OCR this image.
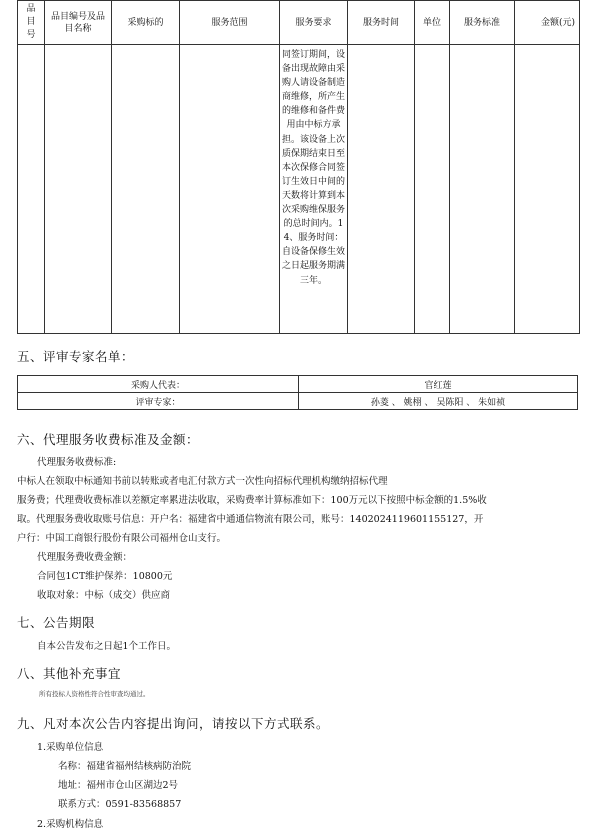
品目号	品目编号及品目名称	采购标的	服务范围	服务要求	服务时间	单位	服务标准	金额(元)

				同签订期间，设备出现故障由采购人请设备制造商维修，所产生的维修和备件费用由中标方承担。该设备上次质保期结束日至本次保修合同签订生效日中间的天数将计算到本次采购维保服务的总时间内。14、服务时间：自设备保修生效之日起服务期满三年。				

五、评审专家名单：
采购人代表：	官红莲
评审专家：	孙菱 、 姚栩 、 吴陈阳 、 朱如祯
六、代理服务收费标准及金额：
代理服务收费标准:
中标人在领取中标通知书前以转账或者电汇付款方式一次性向招标代理机构缴纳招标代理
服务费；代理费收费标准以差额定率累进法收取，采购费率计算标准如下：100万元以下按照中标金额的1.5%收
取。代理服务费收取账号信息：开户名：福建省中通通信物流有限公司，账号：1402024119601155127，开
户行：中国工商银行股份有限公司福州仓山支行。
代理服务费收费金额：
合同包1CT维护保养：10800元
收取对象：中标（成交）供应商
七、公告期限
自本公告发布之日起1个工作日。
八、其他补充事宜
所有投标人资格性符合性审查均通过。
九、凡对本次公告内容提出询问，请按以下方式联系。
1.采购单位信息
名称：福建省福州结核病防治院
地址：福州市仓山区湖边2号
联系方式：0591-83568857
2.采购机构信息
